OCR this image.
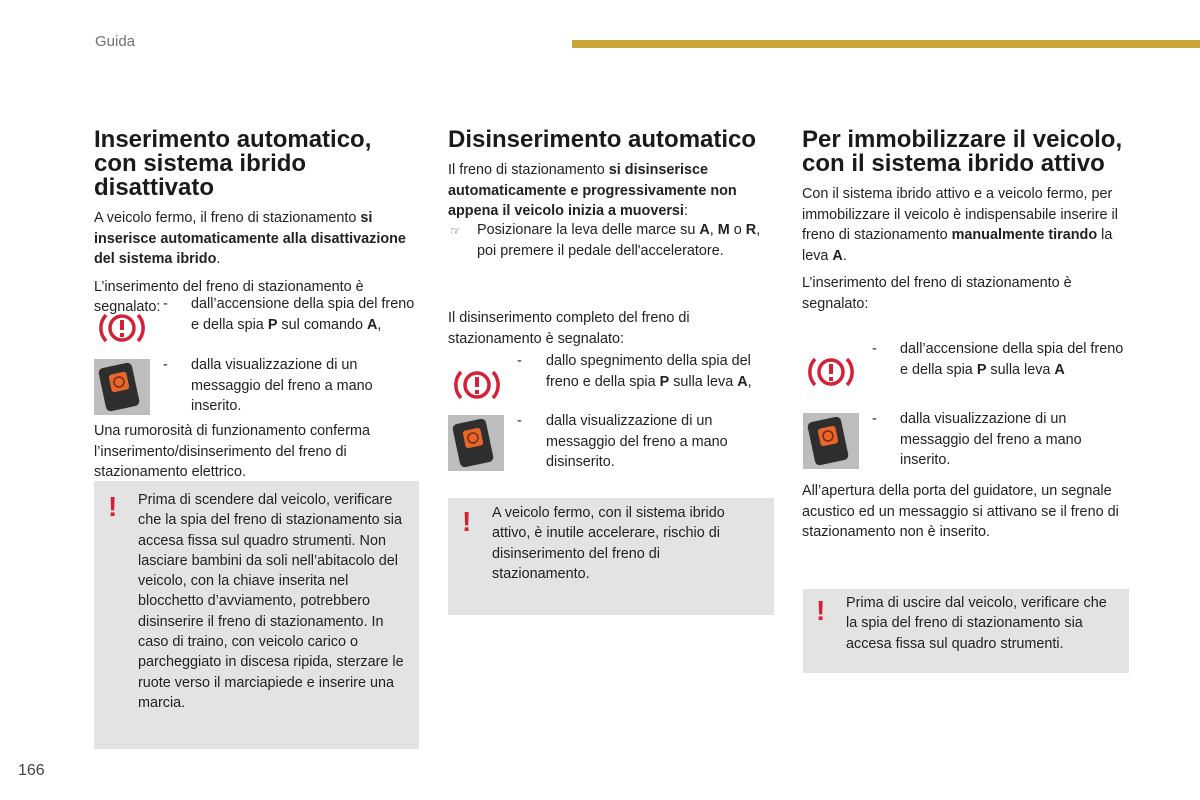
Guida
Inserimento automatico,
con sistema ibrido disattivato

A veicolo fermo, il freno di stazionamento si inserisce automaticamente alla disattivazione del sistema ibrido.

L’inserimento del freno di stazionamento è segnalato: - dall’accensione della spia del freno e della spia P sul comando A,
- dalla visualizzazione di un messaggio del freno a mano inserito.
Una rumorosità di funzionamento conferma l’inserimento/disinserimento del freno di stazionamento elettrico.
! Prima di scendere dal veicolo, verificare che la spia del freno di stazionamento sia accesa fissa sul quadro strumenti. Non lasciare bambini da soli nell’abitacolo del veicolo, con la chiave inserita nel blocchetto d’avviamento, potrebbero disinserire il freno di stazionamento. In caso di traino, con veicolo carico o parcheggiato in discesa ripida, sterzare le ruote verso il marciapiede e inserire una marcia.
Disinserimento automatico

Il freno di stazionamento si disinserisce automaticamente e progressivamente non appena il veicolo inizia a muoversi:

☞ Posizionare la leva delle marce su A, M o R, poi premere il pedale dell'acceleratore.
Il disinserimento completo del freno di stazionamento è segnalato:
- dallo spegnimento della spia del freno e della spia P sulla leva A,
- dalla visualizzazione di un messaggio del freno a mano disinserito.
! A veicolo fermo, con il sistema ibrido attivo, è inutile accelerare, rischio di disinserimento del freno di stazionamento.
Per immobilizzare il veicolo,
con il sistema ibrido attivo

Con il sistema ibrido attivo e a veicolo fermo, per immobilizzare il veicolo è indispensabile inserire il freno di stazionamento manualmente tirando la leva A.

L’inserimento del freno di stazionamento è segnalato:

- dall’accensione della spia del freno e della spia P sulla leva A
- dalla visualizzazione di un messaggio del freno a mano inserito.
All’apertura della porta del guidatore, un segnale acustico ed un messaggio si attivano se il freno di stazionamento non è inserito.
! Prima di uscire dal veicolo, verificare che la spia del freno di stazionamento sia accesa fissa sul quadro strumenti.
166
